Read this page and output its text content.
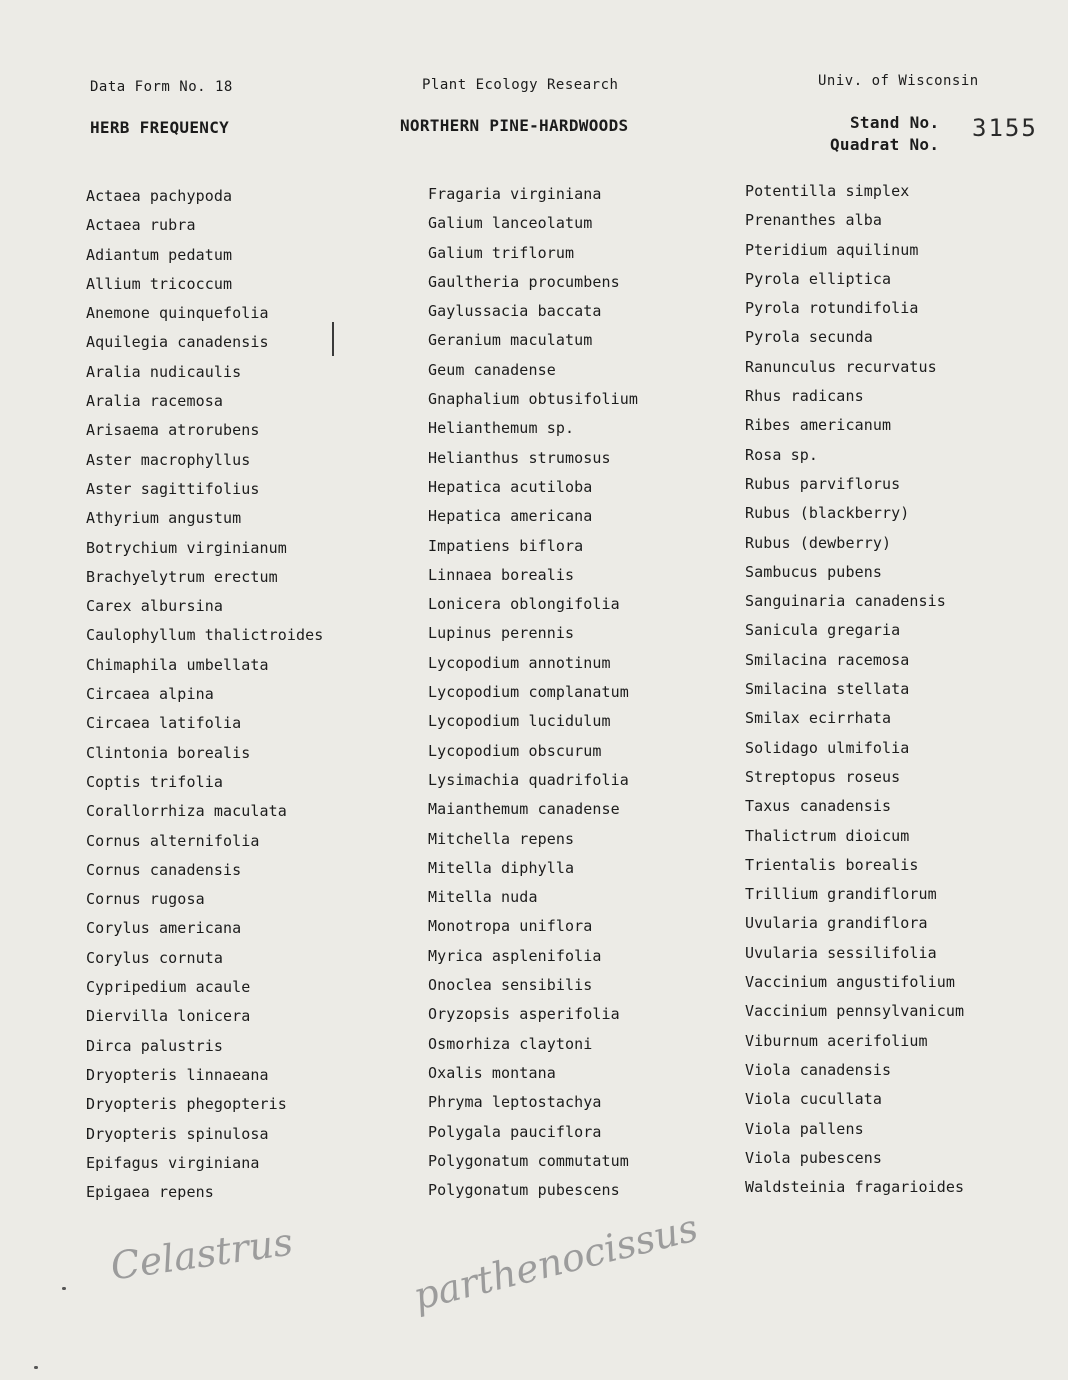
Data Form No. 18	Plant Ecology Research	Univ. of Wisconsin
HERB FREQUENCY	NORTHERN PINE-HARDWOODS	Stand No.
Quadrat No.
3155
Actaea pachypoda
Actaea rubra
Adiantum pedatum
Allium tricoccum
Anemone quinquefolia
Aquilegia canadensis
Aralia nudicaulis
Aralia racemosa
Arisaema atrorubens
Aster macrophyllus
Aster sagittifolius
Athyrium angustum
Botrychium virginianum
Brachyelytrum erectum
Carex albursina
Caulophyllum thalictroides
Chimaphila umbellata
Circaea alpina
Circaea latifolia
Clintonia borealis
Coptis trifolia
Corallorrhiza maculata
Cornus alternifolia
Cornus canadensis
Cornus rugosa
Corylus americana
Corylus cornuta
Cypripedium acaule
Diervilla lonicera
Dirca palustris
Dryopteris linnaeana
Dryopteris phegopteris
Dryopteris spinulosa
Epifagus virginiana
Epigaea repens
Fragaria virginiana
Galium lanceolatum
Galium triflorum
Gaultheria procumbens
Gaylussacia baccata
Geranium maculatum
Geum canadense
Gnaphalium obtusifolium
Helianthemum sp.
Helianthus strumosus
Hepatica acutiloba
Hepatica americana
Impatiens biflora
Linnaea borealis
Lonicera oblongifolia
Lupinus perennis
Lycopodium annotinum
Lycopodium complanatum
Lycopodium lucidulum
Lycopodium obscurum
Lysimachia quadrifolia
Maianthemum canadense
Mitchella repens
Mitella diphylla
Mitella nuda
Monotropa uniflora
Myrica asplenifolia
Onoclea sensibilis
Oryzopsis asperifolia
Osmorhiza claytoni
Oxalis montana
Phryma leptostachya
Polygala pauciflora
Polygonatum commutatum
Polygonatum pubescens
Potentilla simplex
Prenanthes alba
Pteridium aquilinum
Pyrola elliptica
Pyrola rotundifolia
Pyrola secunda
Ranunculus recurvatus
Rhus radicans
Ribes americanum
Rosa sp.
Rubus parviflorus
Rubus (blackberry)
Rubus (dewberry)
Sambucus pubens
Sanguinaria canadensis
Sanicula gregaria
Smilacina racemosa
Smilacina stellata
Smilax ecirrhata
Solidago ulmifolia
Streptopus roseus
Taxus canadensis
Thalictrum dioicum
Trientalis borealis
Trillium grandiflorum
Uvularia grandiflora
Uvularia sessilifolia
Vaccinium angustifolium
Vaccinium pennsylvanicum
Viburnum acerifolium
Viola canadensis
Viola cucullata
Viola pallens
Viola pubescens
Waldsteinia fragarioides
Celastrus	parthenocissus
